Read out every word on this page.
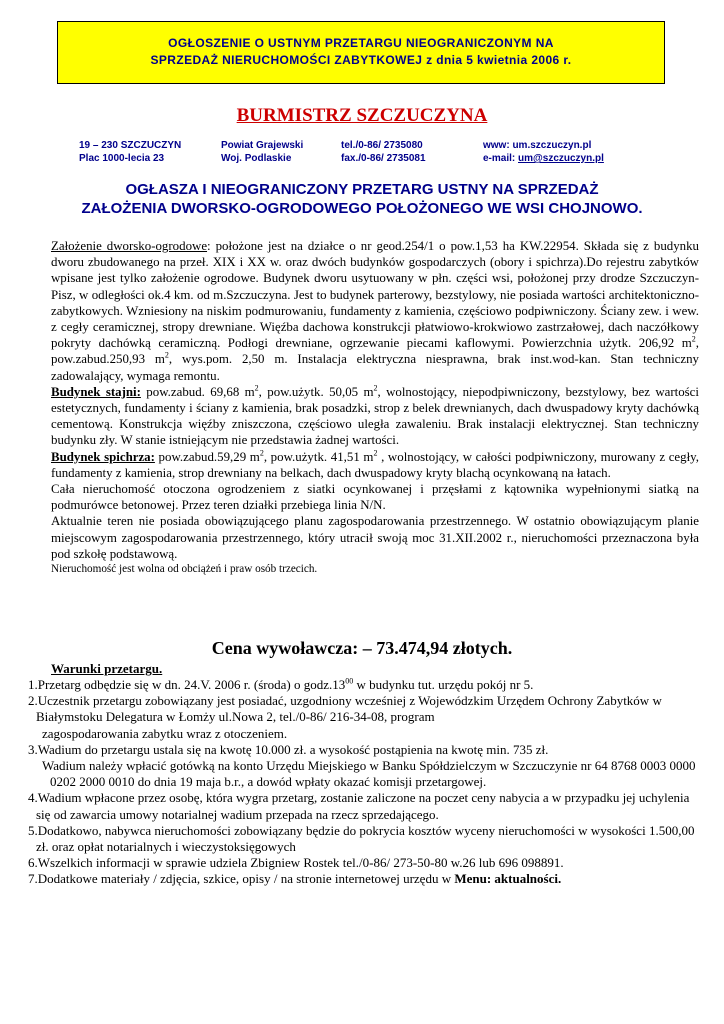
OGŁOSZENIE O USTNYM PRZETARGU NIEOGRANICZONYM NA

SPRZEDAŻ NIERUCHOMOŚCI ZABYTKOWEJ z dnia 5 kwietnia 2006 r.

BURMISTRZ SZCZUCZYNA
19 – 230 SZCZUCZYN
Plac 1000-lecia 23
Powiat Grajewski
Woj. Podlaskie
tel./0-86/ 2735080
fax./0-86/ 2735081
www: um.szczuczyn.pl
e-mail: um@szczuczyn.pl
OGŁASZA I NIEOGRANICZONY PRZETARG USTNY NA SPRZEDAŻ
ZAŁOŻENIA DWORSKO-OGRODOWEGO POŁOŻONEGO WE WSI CHOJNOWO.

Założenie dworsko-ogrodowe: położone jest na działce o nr geod.254/1 o pow.1,53 ha KW.22954. Składa się z budynku dworu zbudowanego na przeł. XIX i XX w. oraz dwóch budynków gospodarczych (obory i spichrza).Do rejestru zabytków wpisane jest tylko założenie ogrodowe. Budynek dworu usytuowany w płn. części wsi, położonej przy drodze Szczuczyn-Pisz, w odległości ok.4 km. od m.Szczuczyna. Jest to budynek parterowy, bezstylowy, nie posiada wartości architektoniczno-zabytkowych. Wzniesiony na niskim podmurowaniu, fundamenty z kamienia, częściowo podpiwniczony. Ściany zew. i wew. z cegły ceramicznej, stropy drewniane. Więźba dachowa konstrukcji płatwiowo-krokwiowo zastrzałowej, dach naczółkowy pokryty dachówką ceramiczną. Podłogi drewniane, ogrzewanie piecami kaflowymi. Powierzchnia użytk. 206,92 $m^2$, pow.zabud.250,93 $m^2$, wys.pom. 2,50 m. Instalacja elektryczna niesprawna, brak inst.wod-kan. Stan techniczny zadowalający, wymaga remontu.

Budynek stajni: pow.zabud. 69,68 $m^2$, pow.użytk. 50,05 $m^2$, wolnostojący, niepodpiwniczony, bezstylowy, bez wartości estetycznych, fundamenty i ściany z kamienia, brak posadzki, strop z belek drewnianych, dach dwuspadowy kryty dachówką cementową. Konstrukcja więźby zniszczona, częściowo uległa zawaleniu. Brak instalacji elektrycznej. Stan techniczny budynku zły. W stanie istniejącym nie przedstawia żadnej wartości.

Budynek spichrza: pow.zabud.59,29 $m^2$, pow.użytk. 41,51 $m^2$ , wolnostojący, w całości podpiwniczony, murowany z cegły, fundamenty z kamienia, strop drewniany na belkach, dach dwuspadowy kryty blachą ocynkowaną na łatach.

Cała nieruchomość otoczona ogrodzeniem z siatki ocynkowanej i przęsłami z kątownika wypełnionymi siatką na podmurówce betonowej. Przez teren działki przebiega linia N/N.

Aktualnie teren nie posiada obowiązującego planu zagospodarowania przestrzennego. W ostatnio obowiązującym planie miejscowym zagospodarowania przestrzennego, który utracił swoją moc 31.XII.2002 r., nieruchomości przeznaczona była pod szkołę podstawową.

Nieruchomość jest wolna od obciążeń i praw osób trzecich.

Cena wywoławcza: – 73.474,94 złotych.
Warunki przetargu.

1.Przetarg odbędzie się w dn. 24.V. 2006 r. (środa) o $godz.13^{00}$ w budynku tut. urzędu pokój nr 5.

2.Uczestnik przetargu zobowiązany jest posiadać, uzgodniony wcześniej z Wojewódzkim Urzędem Ochrony Zabytków w Białymstoku Delegatura w Łomży ul.Nowa 2, tel./0-86/ 216-34-08, program

zagospodarowania zabytku wraz z otoczeniem.

3.Wadium do przetargu ustala się na kwotę 10.000 zł. a wysokość postąpienia na kwotę min. 735 zł.

Wadium należy wpłacić gotówką na konto Urzędu Miejskiego w Banku Spółdzielczym w Szczuczynie nr 64 8768 0003 0000 0202 2000 0010 do dnia 19 maja b.r., a dowód wpłaty okazać komisji przetargowej.

4.Wadium wpłacone przez osobę, która wygra przetarg, zostanie zaliczone na poczet ceny nabycia a w przypadku jej uchylenia się od zawarcia umowy notarialnej wadium przepada na rzecz sprzedającego.

5.Dodatkowo, nabywca nieruchomości zobowiązany będzie do pokrycia kosztów wyceny nieruchomości w wysokości 1.500,00 zł. oraz opłat notarialnych i wieczystoksięgowych

6.Wszelkich informacji w sprawie udziela Zbigniew Rostek tel./0-86/ 273-50-80 w.26 lub 696 098891.

7.Dodatkowe materiały / zdjęcia, szkice, opisy / na stronie internetowej urzędu w Menu: aktualności.
